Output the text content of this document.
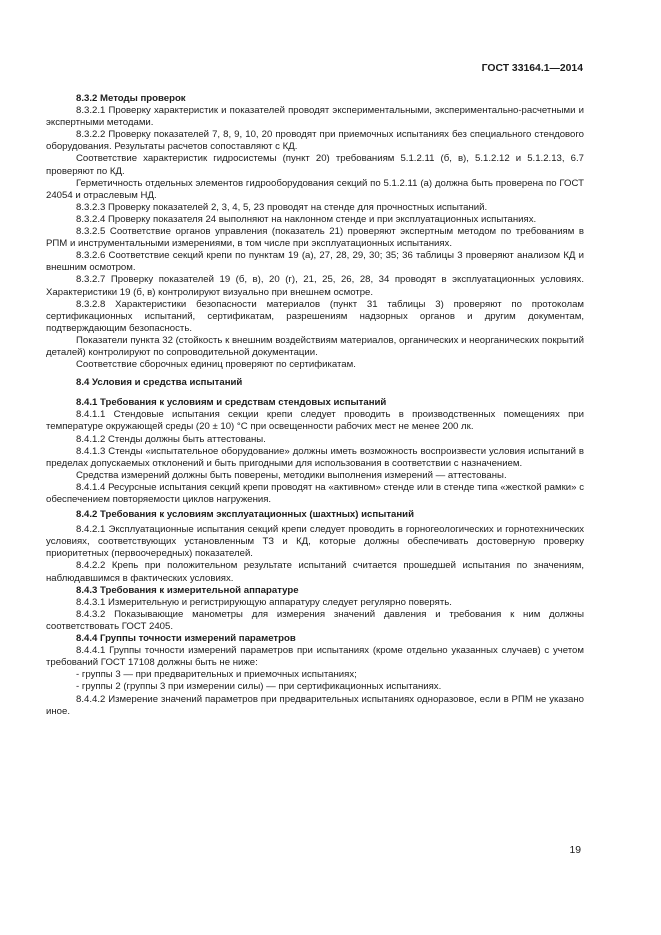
ГОСТ 33164.1—2014

8.3.2 Методы проверок

8.3.2.1 Проверку характеристик и показателей проводят экспериментальными, экспериментально-расчетными и экспертными методами.

8.3.2.2 Проверку показателей 7, 8, 9, 10, 20 проводят при приемочных испытаниях без специального стендового оборудования. Результаты расчетов сопоставляют с КД.

Соответствие характеристик гидросистемы (пункт 20) требованиям 5.1.2.11 (б, в), 5.1.2.12 и 5.1.2.13, 6.7 проверяют по КД.

Герметичность отдельных элементов гидрооборудования секций по 5.1.2.11 (а) должна быть проверена по ГОСТ 24054 и отраслевым НД.

8.3.2.3 Проверку показателей 2, 3, 4, 5, 23 проводят на стенде для прочностных испытаний.

8.3.2.4 Проверку показателя 24 выполняют на наклонном стенде и при эксплуатационных испытаниях.

8.3.2.5 Соответствие органов управления (показатель 21) проверяют экспертным методом по требованиям в РПМ и инструментальными измерениями, в том числе при эксплуатационных испытаниях.

8.3.2.6 Соответствие секций крепи по пунктам 19 (а), 27, 28, 29, 30; 35; 36 таблицы 3 проверяют анализом КД и внешним осмотром.

8.3.2.7 Проверку показателей 19 (б, в), 20 (г), 21, 25, 26, 28, 34 проводят в эксплуатационных условиях. Характеристики 19 (б, в) контролируют визуально при внешнем осмотре.

8.3.2.8 Характеристики безопасности материалов (пункт 31 таблицы 3) проверяют по протоколам сертификационных испытаний, сертификатам, разрешениям надзорных органов и другим документам, подтверждающим безопасность.

Показатели пункта 32 (стойкость к внешним воздействиям материалов, органических и неорганических покрытий деталей) контролируют по сопроводительной документации.

Соответствие сборочных единиц проверяют по сертификатам.

8.4 Условия и средства испытаний

8.4.1 Требования к условиям и средствам стендовых испытаний

8.4.1.1 Стендовые испытания секции крепи следует проводить в производственных помещениях при температуре окружающей среды (20 ± 10) °С при освещенности рабочих мест не менее 200 лк.

8.4.1.2 Стенды должны быть аттестованы.

8.4.1.3 Стенды «испытательное оборудование» должны иметь возможность воспроизвести условия испытаний в пределах допускаемых отклонений и быть пригодными для использования в соответствии с назначением.

Средства измерений должны быть поверены, методики выполнения измерений — аттестованы.

8.4.1.4 Ресурсные испытания секций крепи проводят на «активном» стенде или в стенде типа «жесткой рамки» с обеспечением повторяемости циклов нагружения.

8.4.2 Требования к условиям эксплуатационных (шахтных) испытаний

8.4.2.1 Эксплуатационные испытания секций крепи следует проводить в горногеологических и горнотехнических условиях, соответствующих установленным ТЗ и КД, которые должны обеспечивать достоверную проверку приоритетных (первоочередных) показателей.

8.4.2.2 Крепь при положительном результате испытаний считается прошедшей испытания по значениям, наблюдавшимся в фактических условиях.

8.4.3 Требования к измерительной аппаратуре

8.4.3.1 Измерительную и регистрирующую аппаратуру следует регулярно поверять.

8.4.3.2 Показывающие манометры для измерения значений давления и требования к ним должны соответствовать ГОСТ 2405.

8.4.4 Группы точности измерений параметров

8.4.4.1 Группы точности измерений параметров при испытаниях (кроме отдельно указанных случаев) с учетом требований ГОСТ 17108 должны быть не ниже:

- группы 3 — при предварительных и приемочных испытаниях;

- группы 2 (группы 3 при измерении силы) — при сертификационных испытаниях.

8.4.4.2 Измерение значений параметров при предварительных испытаниях одноразовое, если в РПМ не указано иное.

19
